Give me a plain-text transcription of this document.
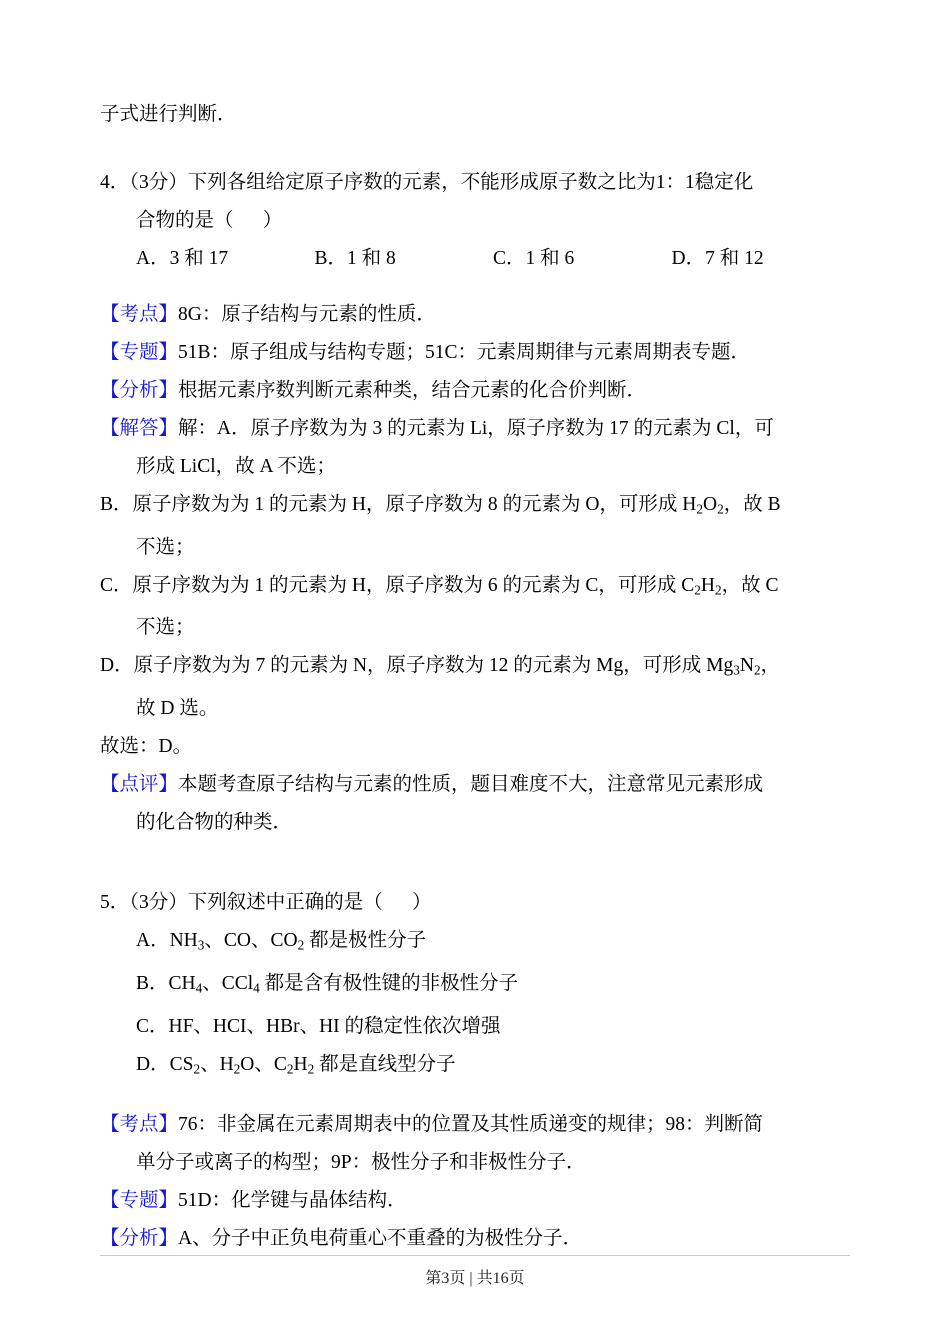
子式进行判断．
4．（3分）下列各组给定原子序数的元素，不能形成原子数之比为1：1稳定化
合物的是（      ）
A．3 和 17	B．1 和 8	C．1 和 6	D．7 和 12
【考点】8G：原子结构与元素的性质．
【专题】51B：原子组成与结构专题；51C：元素周期律与元素周期表专题．
【分析】根据元素序数判断元素种类，结合元素的化合价判断．
【解答】解：A．原子序数为为 3 的元素为 Li，原子序数为 17 的元素为 Cl，可
形成 LiCl，故 A 不选；
B．原子序数为为 1 的元素为 H，原子序数为 8 的元素为 O，可形成 $H_2O_2$，故 B
不选；
C．原子序数为为 1 的元素为 H，原子序数为 6 的元素为 C，可形成 $C_2H_2$，故 C
不选；
D．原子序数为为 7 的元素为 N，原子序数为 12 的元素为 Mg，可形成 $Mg_3N_2$，
故 D 选。
故选：D。
【点评】本题考查原子结构与元素的性质，题目难度不大，注意常见元素形成
的化合物的种类．
5．（3分）下列叙述中正确的是（      ）
A．$NH_3$、CO、$CO_2$ 都是极性分子
B．$CH_4$、CCl$_4$ 都是含有极性键的非极性分子
C．HF、HCI、HBr、HI 的稳定性依次增强
D．$CS_2$、$H_2O$、$C_2H_2$ 都是直线型分子
【考点】76：非金属在元素周期表中的位置及其性质递变的规律；98：判断简
单分子或离子的构型；9P：极性分子和非极性分子．
【专题】51D：化学键与晶体结构．
【分析】A、分子中正负电荷重心不重叠的为极性分子．
第3页 | 共16页
